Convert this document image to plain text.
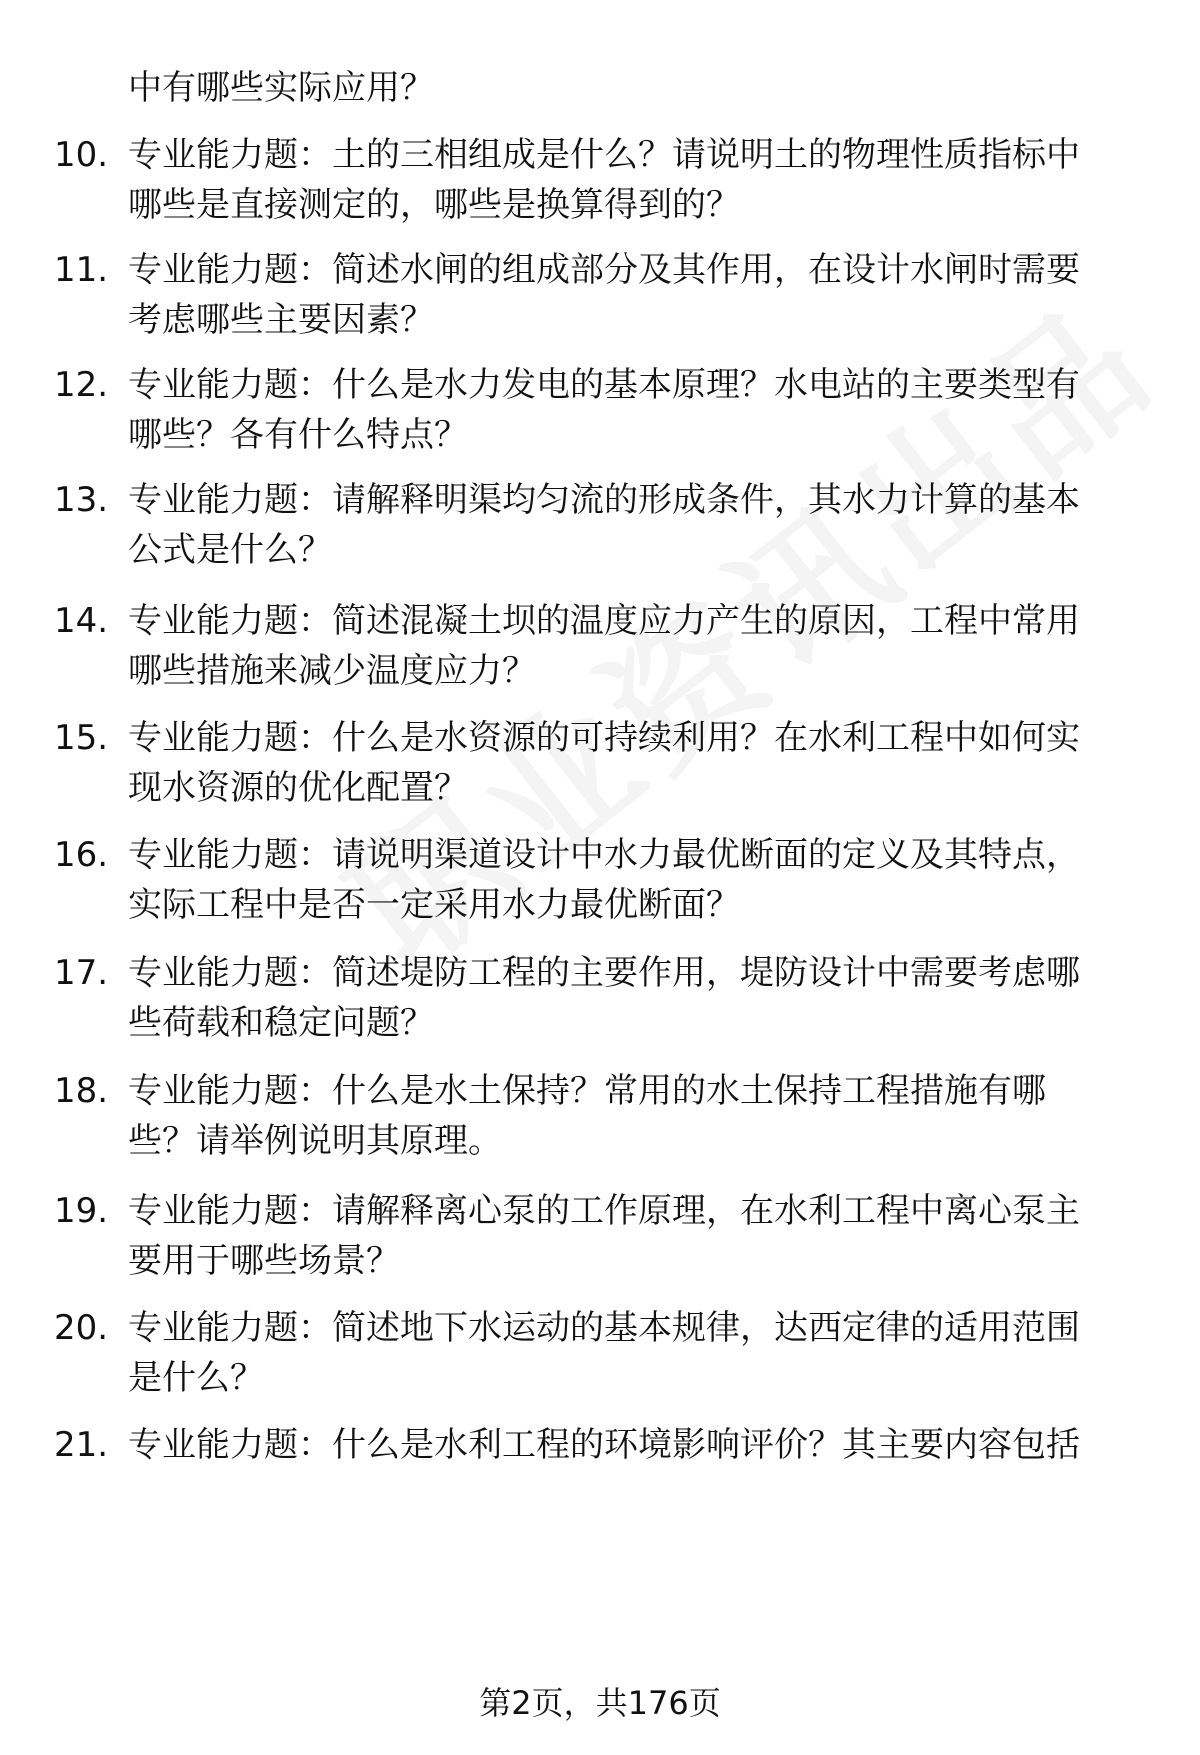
中有哪些实际应用？
10. 专业能力题：土的三相组成是什么？请说明土的物理性质指标中
哪些是直接测定的，哪些是换算得到的？
11. 专业能力题：简述水闸的组成部分及其作用，在设计水闸时需要
考虑哪些主要因素？
12. 专业能力题：什么是水力发电的基本原理？水电站的主要类型有
哪些？各有什么特点？
13. 专业能力题：请解释明渠均匀流的形成条件，其水力计算的基本
公式是什么？
14. 专业能力题：简述混凝土坝的温度应力产生的原因，工程中常用
哪些措施来减少温度应力？
15. 专业能力题：什么是水资源的可持续利用？在水利工程中如何实
现水资源的优化配置？
16. 专业能力题：请说明渠道设计中水力最优断面的定义及其特点，
实际工程中是否一定采用水力最优断面？
17. 专业能力题：简述堤防工程的主要作用，堤防设计中需要考虑哪
些荷载和稳定问题？
18. 专业能力题：什么是水土保持？常用的水土保持工程措施有哪
些？请举例说明其原理。
19. 专业能力题：请解释离心泵的工作原理，在水利工程中离心泵主
要用于哪些场景？
20. 专业能力题：简述地下水运动的基本规律，达西定律的适用范围
是什么？
21. 专业能力题：什么是水利工程的环境影响评价？其主要内容包括
第2页，共176页
